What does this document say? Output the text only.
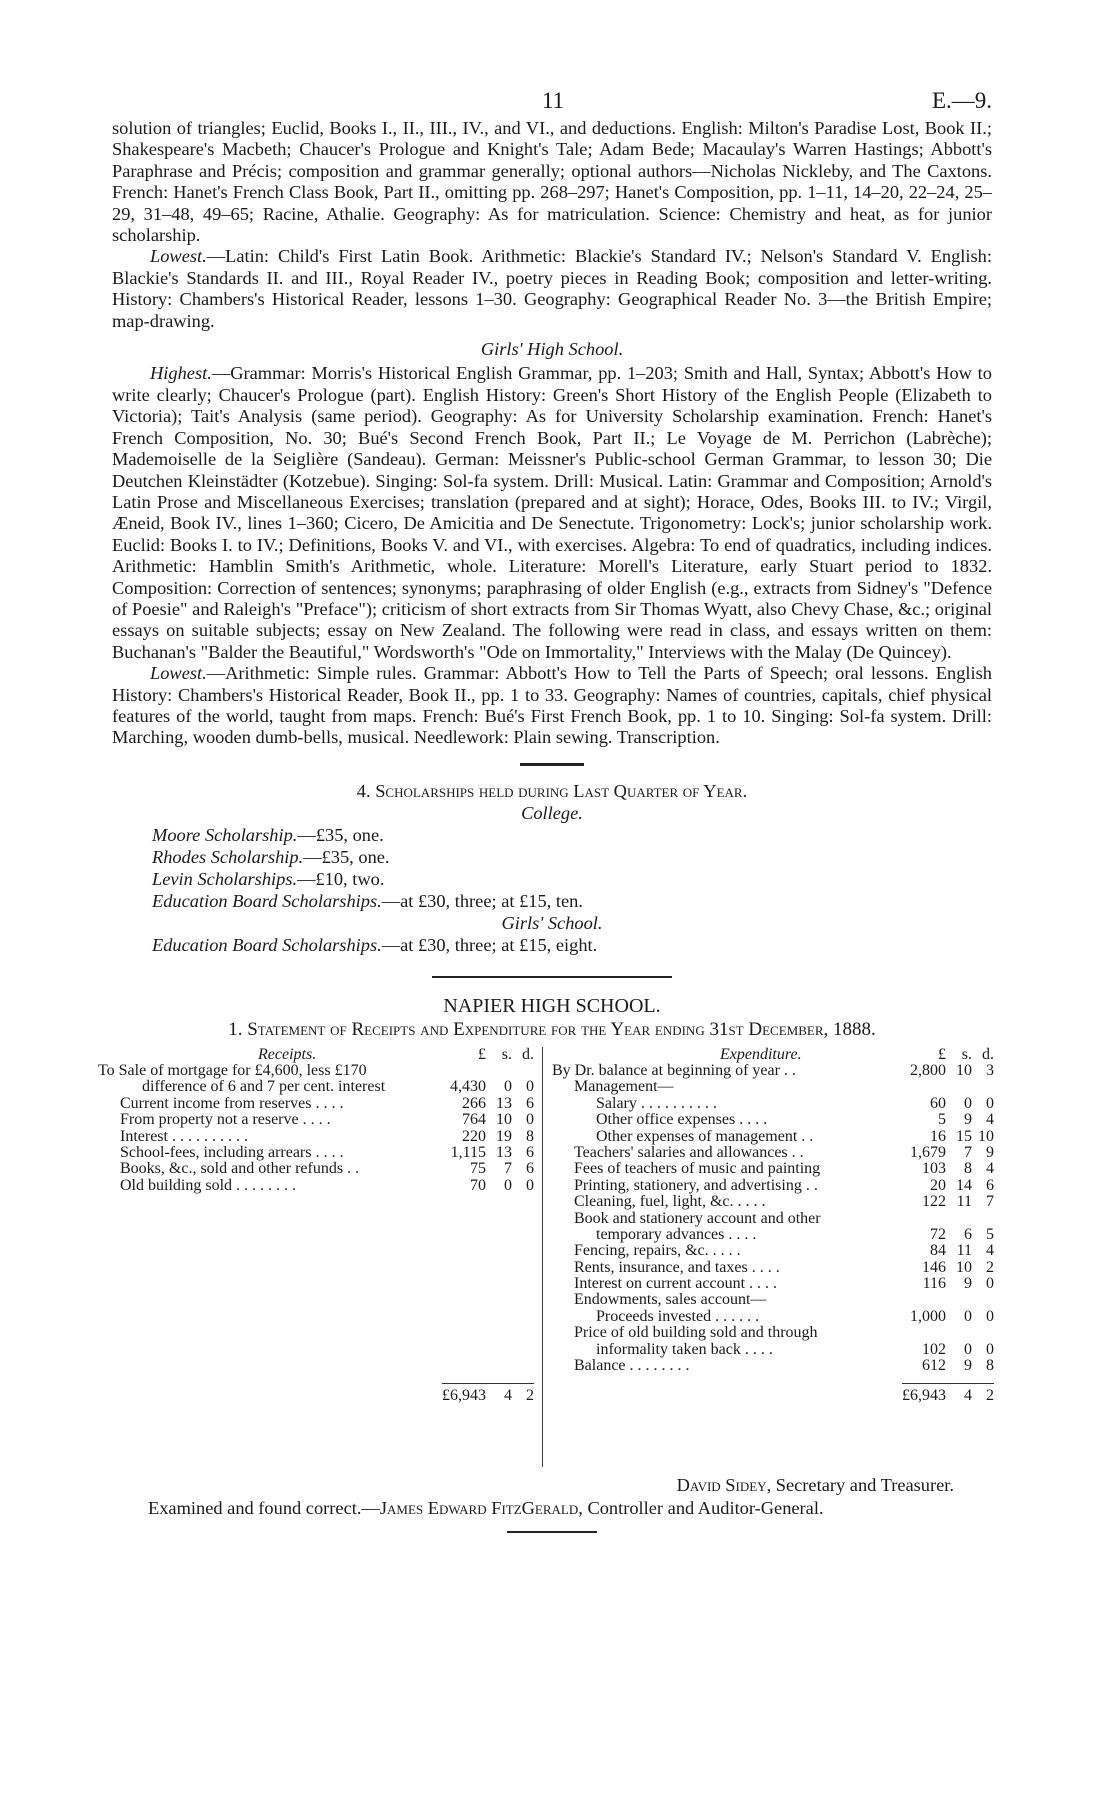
11	E.—9.

solution of triangles; Euclid, Books I., II., III., IV., and VI., and deductions. English: Milton's Paradise Lost, Book II.; Shakespeare's Macbeth; Chaucer's Prologue and Knight's Tale; Adam Bede; Macaulay's Warren Hastings; Abbott's Paraphrase and Précis; composition and grammar generally; optional authors—Nicholas Nickleby, and The Caxtons. French: Hanet's French Class Book, Part II., omitting pp. 268–297; Hanet's Composition, pp. 1–11, 14–20, 22–24, 25–29, 31–48, 49–65; Racine, Athalie. Geography: As for matriculation. Science: Chemistry and heat, as for junior scholarship.

Lowest.—Latin: Child's First Latin Book. Arithmetic: Blackie's Standard IV.; Nelson's Standard V. English: Blackie's Standards II. and III., Royal Reader IV., poetry pieces in Reading Book; composition and letter-writing. History: Chambers's Historical Reader, lessons 1–30. Geography: Geographical Reader No. 3—the British Empire; map-drawing.

Girls' High School.

Highest.—Grammar: Morris's Historical English Grammar, pp. 1–203; Smith and Hall, Syntax; Abbott's How to write clearly; Chaucer's Prologue (part). English History: Green's Short History of the English People (Elizabeth to Victoria); Tait's Analysis (same period). Geography: As for University Scholarship examination. French: Hanet's French Composition, No. 30; Bué's Second French Book, Part II.; Le Voyage de M. Perrichon (Labrèche); Mademoiselle de la Seiglière (Sandeau). German: Meissner's Public-school German Grammar, to lesson 30; Die Deutchen Kleinstädter (Kotzebue). Singing: Sol-fa system. Drill: Musical. Latin: Grammar and Composition; Arnold's Latin Prose and Miscellaneous Exercises; translation (prepared and at sight); Horace, Odes, Books III. to IV.; Virgil, Æneid, Book IV., lines 1–360; Cicero, De Amicitia and De Senectute. Trigonometry: Lock's; junior scholarship work. Euclid: Books I. to IV.; Definitions, Books V. and VI., with exercises. Algebra: To end of quadratics, including indices. Arithmetic: Hamblin Smith's Arithmetic, whole. Literature: Morell's Literature, early Stuart period to 1832. Composition: Correction of sentences; synonyms; paraphrasing of older English (e.g., extracts from Sidney's "Defence of Poesie" and Raleigh's "Preface"); criticism of short extracts from Sir Thomas Wyatt, also Chevy Chase, &c.; original essays on suitable subjects; essay on New Zealand. The following were read in class, and essays written on them: Buchanan's "Balder the Beautiful," Wordsworth's "Ode on Immortality," Interviews with the Malay (De Quincey).

Lowest.—Arithmetic: Simple rules. Grammar: Abbott's How to Tell the Parts of Speech; oral lessons. English History: Chambers's Historical Reader, Book II., pp. 1 to 33. Geography: Names of countries, capitals, chief physical features of the world, taught from maps. French: Bué's First French Book, pp. 1 to 10. Singing: Sol-fa system. Drill: Marching, wooden dumb-bells, musical. Needlework: Plain sewing. Transcription.

4. Scholarships held during Last Quarter of Year.
College.
Moore Scholarship.—£35, one.
Rhodes Scholarship.—£35, one.
Levin Scholarships.—£10, two.
Education Board Scholarships.—at £30, three; at £15, ten.
Girls' School.
Education Board Scholarships.—at £30, three; at £15, eight.

NAPIER HIGH SCHOOL.

1. Statement of Receipts and Expenditure for the Year ending 31st December, 1888.

Receipts.	£ s. d.
To Sale of mortgage for £4,600, less £170
difference of 6 and 7 per cent. interest	4,430 0 0
Current income from reserves . . . .	266 13 6
From property not a reserve . . . .	764 10 0
Interest . . . . . . . . . .	220 19 8
School-fees, including arrears . . . .	1,115 13 6
Books, &c., sold and other refunds . .	75 7 6
Old building sold . . . . . . . .	70 0 0
£6,943 4 2
Expenditure.	£ s. d.
By Dr. balance at beginning of year . .	2,800 10 3
Management—
Salary . . . . . . . . . .	60 0 0
Other office expenses . . . .	5 9 4
Other expenses of management . .	16 15 10
Teachers' salaries and allowances . .	1,679 7 9
Fees of teachers of music and painting	103 8 4
Printing, stationery, and advertising . .	20 14 6
Cleaning, fuel, light, &c. . . . .	122 11 7
Book and stationery account and other
temporary advances . . . .	72 6 5
Fencing, repairs, &c. . . . .	84 11 4
Rents, insurance, and taxes . . . .	146 10 2
Interest on current account . . . .	116 9 0
Endowments, sales account—
Proceeds invested . . . . . .	1,000 0 0
Price of old building sold and through
informality taken back . . . .	102 0 0
Balance . . . . . . . .	612 9 8
£6,943 4 2

David Sidey, Secretary and Treasurer.

Examined and found correct.—James Edward FitzGerald, Controller and Auditor-General.
